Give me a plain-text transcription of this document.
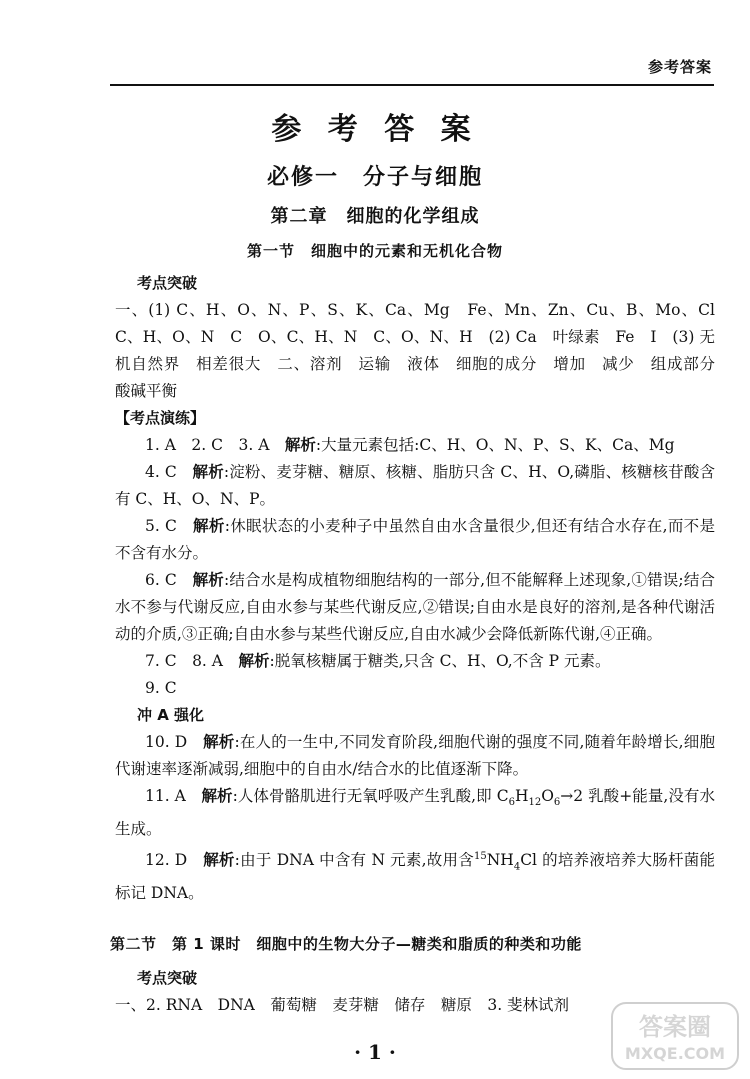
参考答案
参 考 答 案
必修一　分子与细胞
第二章　细胞的化学组成
第一节　细胞中的元素和无机化合物
考点突破
一、(1) C、H、O、N、P、S、K、Ca、Mg　Fe、Mn、Zn、Cu、B、Mo、Cl　C、H、O、N　C　O、C、H、N　C、O、N、H　(2) Ca　叶绿素　Fe　I　(3) 无机自然界　相差很大　二、溶剂　运输　液体　细胞的成分　增加　减少　组成部分　酸碱平衡
【考点演练】
1. A　2. C　3. A　解析:大量元素包括:C、H、O、N、P、S、K、Ca、Mg
4. C　解析:淀粉、麦芽糖、糖原、核糖、脂肪只含 C、H、O,磷脂、核糖核苷酸含有 C、H、O、N、P。
5. C　解析:休眠状态的小麦种子中虽然自由水含量很少,但还有结合水存在,而不是不含有水分。
6. C　解析:结合水是构成植物细胞结构的一部分,但不能解释上述现象,①错误;结合水不参与代谢反应,自由水参与某些代谢反应,②错误;自由水是良好的溶剂,是各种代谢活动的介质,③正确;自由水参与某些代谢反应,自由水减少会降低新陈代谢,④正确。
7. C　8. A　解析:脱氧核糖属于糖类,只含 C、H、O,不含 P 元素。
9. C
冲 A 强化
10. D　解析:在人的一生中,不同发育阶段,细胞代谢的强度不同,随着年龄增长,细胞代谢速率逐渐减弱,细胞中的自由水/结合水的比值逐渐下降。
11. A　解析:人体骨骼肌进行无氧呼吸产生乳酸,即 $C_6H_{12}O_6\to 2$ 乳酸+能量,没有水生成。
12. D　解析:由于 DNA 中含有 N 元素,故用含$^{15}NH_4Cl$ 的培养液培养大肠杆菌能标记 DNA。
第二节　第 1 课时　细胞中的生物大分子—糖类和脂质的种类和功能
考点突破
一、2. RNA　DNA　葡萄糖　麦芽糖　储存　糖原　3. 斐林试剂
· 1 ·
答案圈
MXQE.COM
